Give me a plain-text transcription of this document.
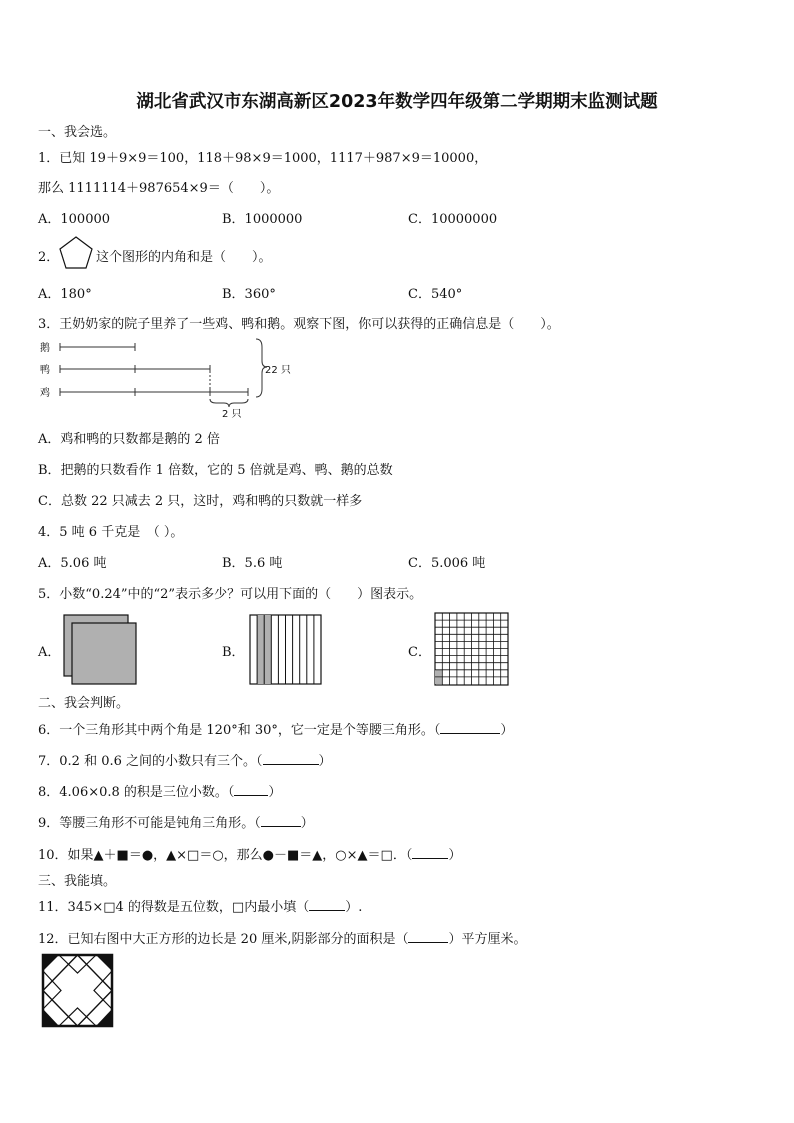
湖北省武汉市东湖高新区2023年数学四年级第二学期期末监测试题
一、我会选。
1．已知 19＋9×9＝100，118＋98×9＝1000，1117＋987×9＝10000，
那么 1111114＋987654×9＝（　　）。
A．100000	B．1000000	C．10000000
2．	这个图形的内角和是（　　）。
A．180°	B．360°	C．540°
3．王奶奶家的院子里养了一些鸡、鸭和鹅。观察下图，你可以获得的正确信息是（　　）。
鹅
鸭
鸡
22 只
2 只
A．鸡和鸭的只数都是鹅的 2 倍
B．把鹅的只数看作 1 倍数，它的 5 倍就是鸡、鸭、鹅的总数
C．总数 22 只减去 2 只，这时，鸡和鸭的只数就一样多
4．5 吨 6 千克是　（ ）。
A．5.06 吨	B．5.6 吨	C．5.006 吨
5．小数“0.24”中的“2”表示多少？可以用下面的（　　）图表示。
A．	B．	C．
二、我会判断。
6．一个三角形其中两个角是 120°和 30°，它一定是个等腰三角形。（	）
7．0.2 和 0.6 之间的小数只有三个。（	）
8．4.06×0.8 的积是三位小数。（	）
9．等腰三角形不可能是钝角三角形。（	）
10．如果▲＋■＝●，▲×□＝○，那么●－■＝▲，○×▲＝□．（	）
三、我能填。
11．345×□4 的得数是五位数，□内最小填（	）.
12．已知右图中大正方形的边长是 20 厘米,阴影部分的面积是（	）平方厘米。
